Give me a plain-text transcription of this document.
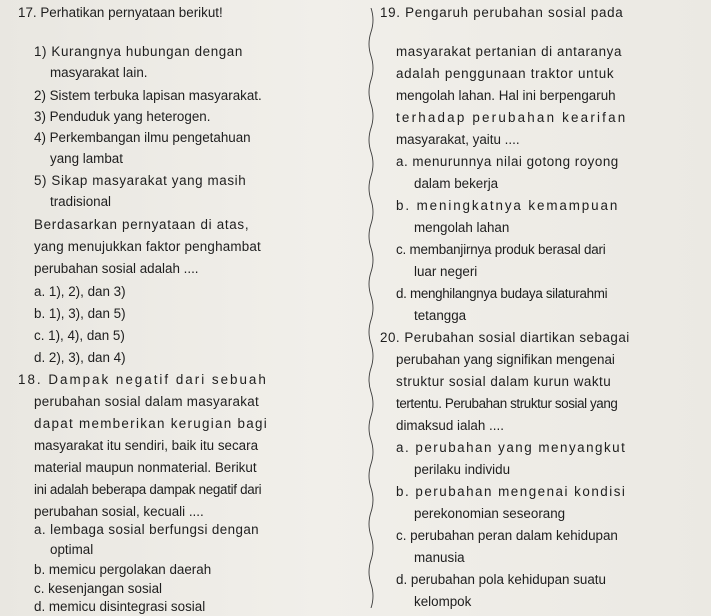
17. Perhatikan pernyataan berikut!
1) Kurangnya hubungan dengan
masyarakat lain.
2) Sistem terbuka lapisan masyarakat.
3) Penduduk yang heterogen.
4) Perkembangan ilmu pengetahuan
yang lambat
5) Sikap masyarakat yang masih
tradisional
Berdasarkan pernyataan di atas,
yang menujukkan faktor penghambat
perubahan sosial adalah ....
a. 1), 2), dan 3)
b. 1), 3), dan 5)
c. 1), 4), dan 5)
d. 2), 3), dan 4)
18. Dampak negatif dari sebuah
perubahan sosial dalam masyarakat
dapat memberikan kerugian bagi
masyarakat itu sendiri, baik itu secara
material maupun nonmaterial. Berikut
ini adalah beberapa dampak negatif dari
perubahan sosial, kecuali ....
a. lembaga sosial berfungsi dengan
optimal
b. memicu pergolakan daerah
c. kesenjangan sosial
d. memicu disintegrasi sosial
19. Pengaruh perubahan sosial pada
masyarakat pertanian di antaranya
adalah penggunaan traktor untuk
mengolah lahan. Hal ini berpengaruh
terhadap perubahan kearifan
masyarakat, yaitu ....
a. menurunnya nilai gotong royong
dalam bekerja
b. meningkatnya kemampuan
mengolah lahan
c. membanjirnya produk berasal dari
luar negeri
d. menghilangnya budaya silaturahmi
tetangga
20. Perubahan sosial diartikan sebagai
perubahan yang signifikan mengenai
struktur sosial dalam kurun waktu
tertentu. Perubahan struktur sosial yang
dimaksud ialah ....
a. perubahan yang menyangkut
perilaku individu
b. perubahan mengenai kondisi
perekonomian seseorang
c. perubahan peran dalam kehidupan
manusia
d. perubahan pola kehidupan suatu
kelompok
